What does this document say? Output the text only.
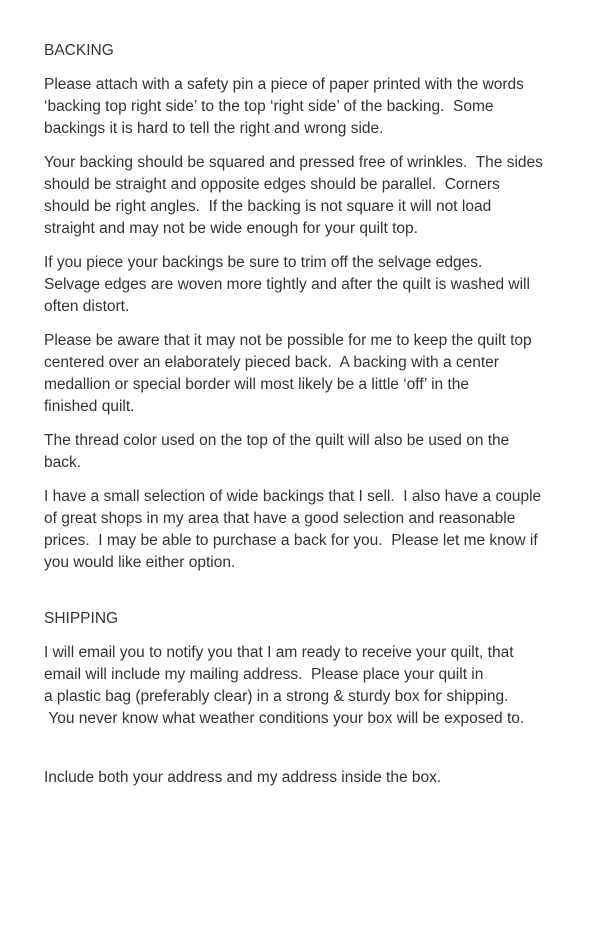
BACKING

Please attach with a safety pin a piece of paper printed with the words
‘backing top right side’ to the top ‘right side’ of the backing.  Some
backings it is hard to tell the right and wrong side.

Your backing should be squared and pressed free of wrinkles.  The sides
should be straight and opposite edges should be parallel.  Corners
should be right angles.  If the backing is not square it will not load
straight and may not be wide enough for your quilt top.

If you piece your backings be sure to trim off the selvage edges.
Selvage edges are woven more tightly and after the quilt is washed will
often distort.

Please be aware that it may not be possible for me to keep the quilt top
centered over an elaborately pieced back.  A backing with a center
medallion or special border will most likely be a little ‘off’ in the
finished quilt.

The thread color used on the top of the quilt will also be used on the
back.

I have a small selection of wide backings that I sell.  I also have a couple
of great shops in my area that have a good selection and reasonable
prices.  I may be able to purchase a back for you.  Please let me know if
you would like either option.

SHIPPING

I will email you to notify you that I am ready to receive your quilt, that
email will include my mailing address.  Please place your quilt in
a plastic bag (preferably clear) in a strong & sturdy box for shipping.
You never know what weather conditions your box will be exposed to.

Include both your address and my address inside the box.
